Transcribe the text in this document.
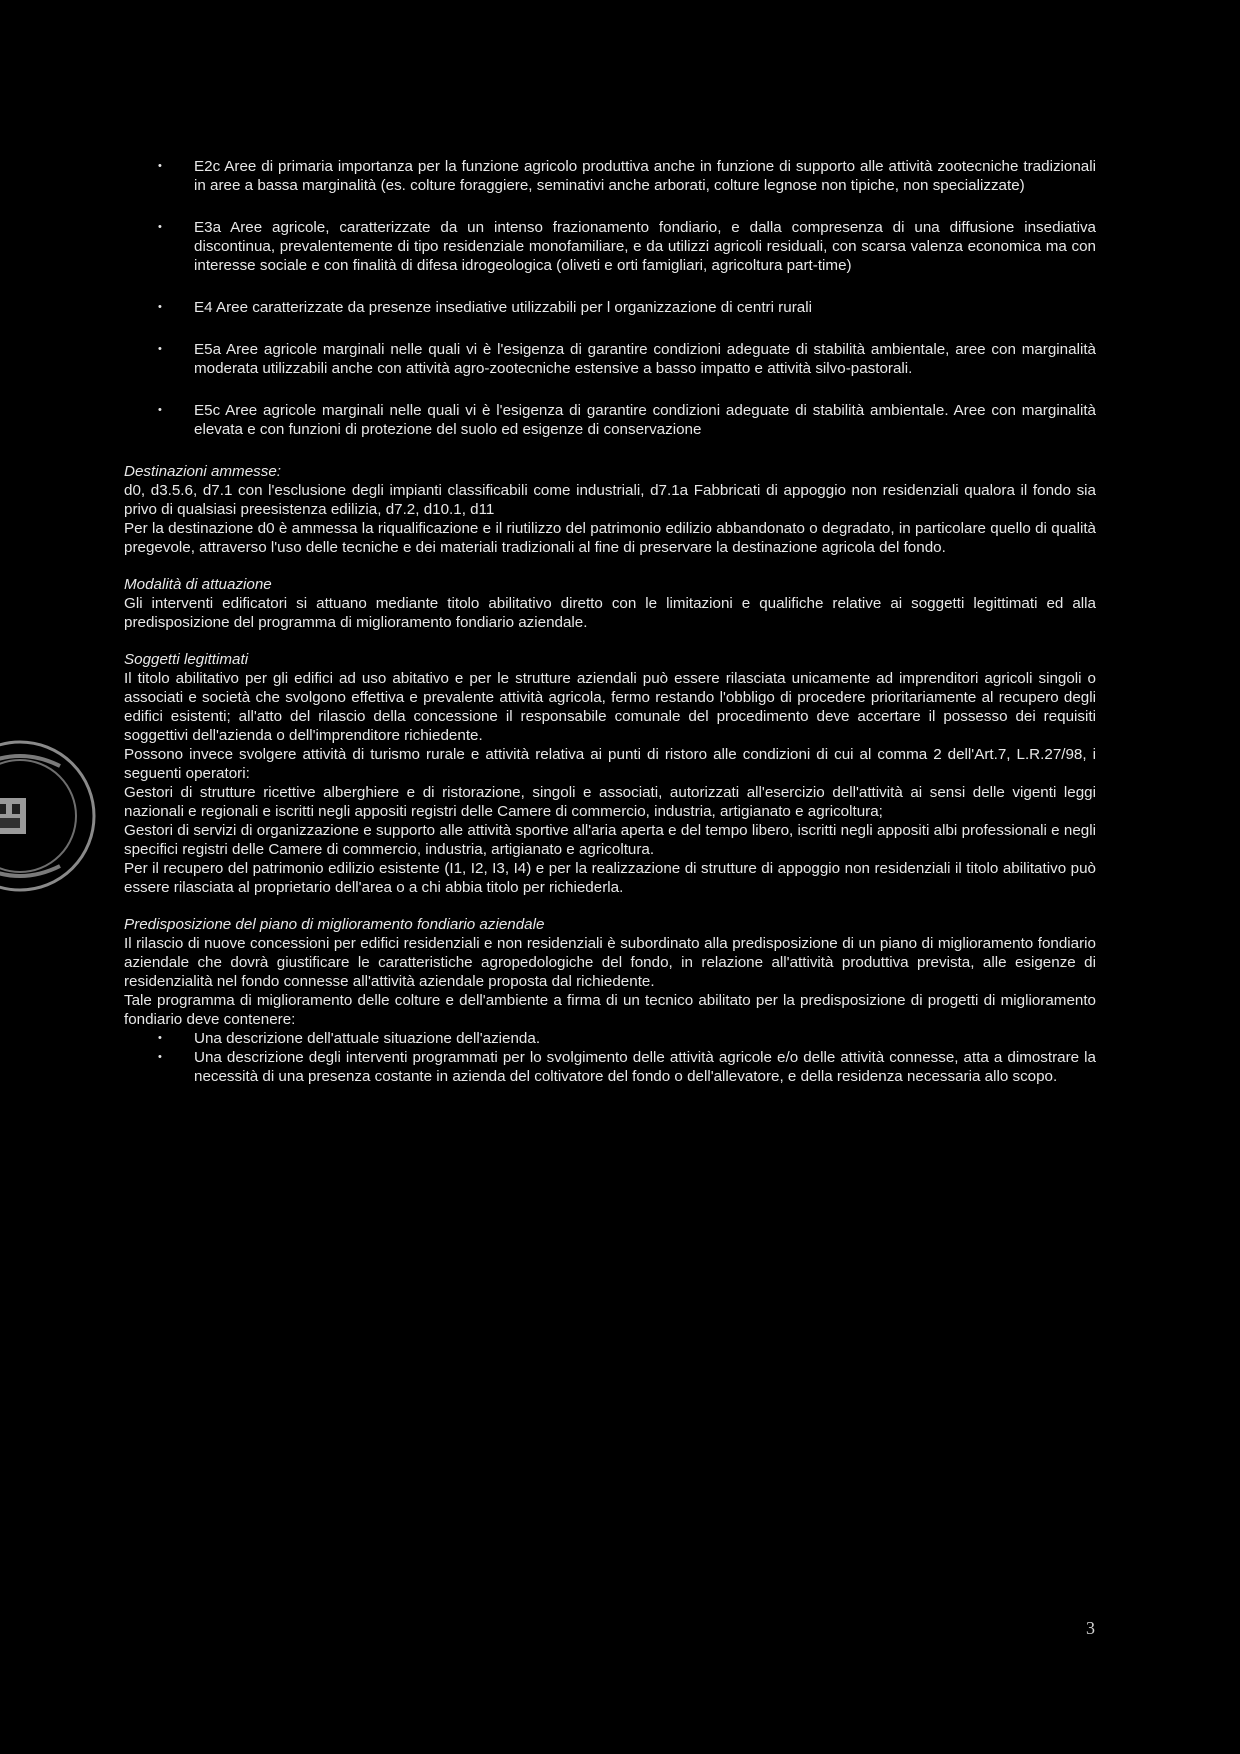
• E2c Aree di primaria importanza per la funzione agricolo produttiva anche in funzione di supporto alle attività zootecniche tradizionali in aree a bassa marginalità (es. colture foraggiere, seminativi anche arborati, colture legnose non tipiche, non specializzate)
• E3a Aree agricole, caratterizzate da un intenso frazionamento fondiario, e dalla compresenza di una diffusione insediativa discontinua, prevalentemente di tipo residenziale monofamiliare, e da utilizzi agricoli residuali, con scarsa valenza economica ma con interesse sociale e con finalità di difesa idrogeologica (oliveti e orti famigliari, agricoltura part-time)
• E4 Aree caratterizzate da presenze insediative utilizzabili per l organizzazione di centri rurali
• E5a Aree agricole marginali nelle quali vi è l'esigenza di garantire condizioni adeguate di stabilità ambientale, aree con marginalità moderata utilizzabili anche con attività agro-zootecniche estensive a basso impatto e attività silvo-pastorali.
• E5c Aree agricole marginali nelle quali vi è l'esigenza di garantire condizioni adeguate di stabilità ambientale. Aree con marginalità elevata e con funzioni di protezione del suolo ed esigenze di conservazione

Destinazioni ammesse:

d0, d3.5.6, d7.1 con l'esclusione degli impianti classificabili come industriali, d7.1a Fabbricati di appoggio non residenziali qualora il fondo sia privo di qualsiasi preesistenza edilizia, d7.2, d10.1, d11

Per la destinazione d0 è ammessa la riqualificazione e il riutilizzo del patrimonio edilizio abbandonato o degradato, in particolare quello di qualità pregevole, attraverso l'uso delle tecniche e dei materiali tradizionali al fine di preservare la destinazione agricola del fondo.

Modalità di attuazione

Gli interventi edificatori si attuano mediante titolo abilitativo diretto con le limitazioni e qualifiche relative ai soggetti legittimati ed alla predisposizione del programma di miglioramento fondiario aziendale.

Soggetti legittimati

Il titolo abilitativo per gli edifici ad uso abitativo e per le strutture aziendali può essere rilasciata unicamente ad imprenditori agricoli singoli o associati e società che svolgono effettiva e prevalente attività agricola, fermo restando l'obbligo di procedere prioritariamente al recupero degli edifici esistenti; all'atto del rilascio della concessione il responsabile comunale del procedimento deve accertare il possesso dei requisiti soggettivi dell'azienda o dell'imprenditore richiedente.

Possono invece svolgere attività di turismo rurale e attività relativa ai punti di ristoro alle condizioni di cui al comma 2 dell'Art.7, L.R.27/98, i seguenti operatori:

Gestori di strutture ricettive alberghiere e di ristorazione, singoli e associati, autorizzati all'esercizio dell'attività ai sensi delle vigenti leggi nazionali e regionali e iscritti negli appositi registri delle Camere di commercio, industria, artigianato e agricoltura;

Gestori di servizi di organizzazione e supporto alle attività sportive all'aria aperta e del tempo libero, iscritti negli appositi albi professionali e negli specifici registri delle Camere di commercio, industria, artigianato e agricoltura.

Per il recupero del patrimonio edilizio esistente (I1, I2, I3, I4) e per la realizzazione di strutture di appoggio non residenziali il titolo abilitativo può essere rilasciata al proprietario dell'area o a chi abbia titolo per richiederla.

Predisposizione del piano di miglioramento fondiario aziendale

Il rilascio di nuove concessioni per edifici residenziali e non residenziali è subordinato alla predisposizione di un piano di miglioramento fondiario aziendale che dovrà giustificare le caratteristiche agropedologiche del fondo, in relazione all'attività produttiva prevista, alle esigenze di residenzialità nel fondo connesse all'attività aziendale proposta dal richiedente.

Tale programma di miglioramento delle colture e dell'ambiente a firma di un tecnico abilitato per la predisposizione di progetti di miglioramento fondiario deve contenere:

• Una descrizione dell'attuale situazione dell'azienda.
• Una descrizione degli interventi programmati per lo svolgimento delle attività agricole e/o delle attività connesse, atta a dimostrare la necessità di una presenza costante in azienda del coltivatore del fondo o dell'allevatore, e della residenza necessaria allo scopo.
3
